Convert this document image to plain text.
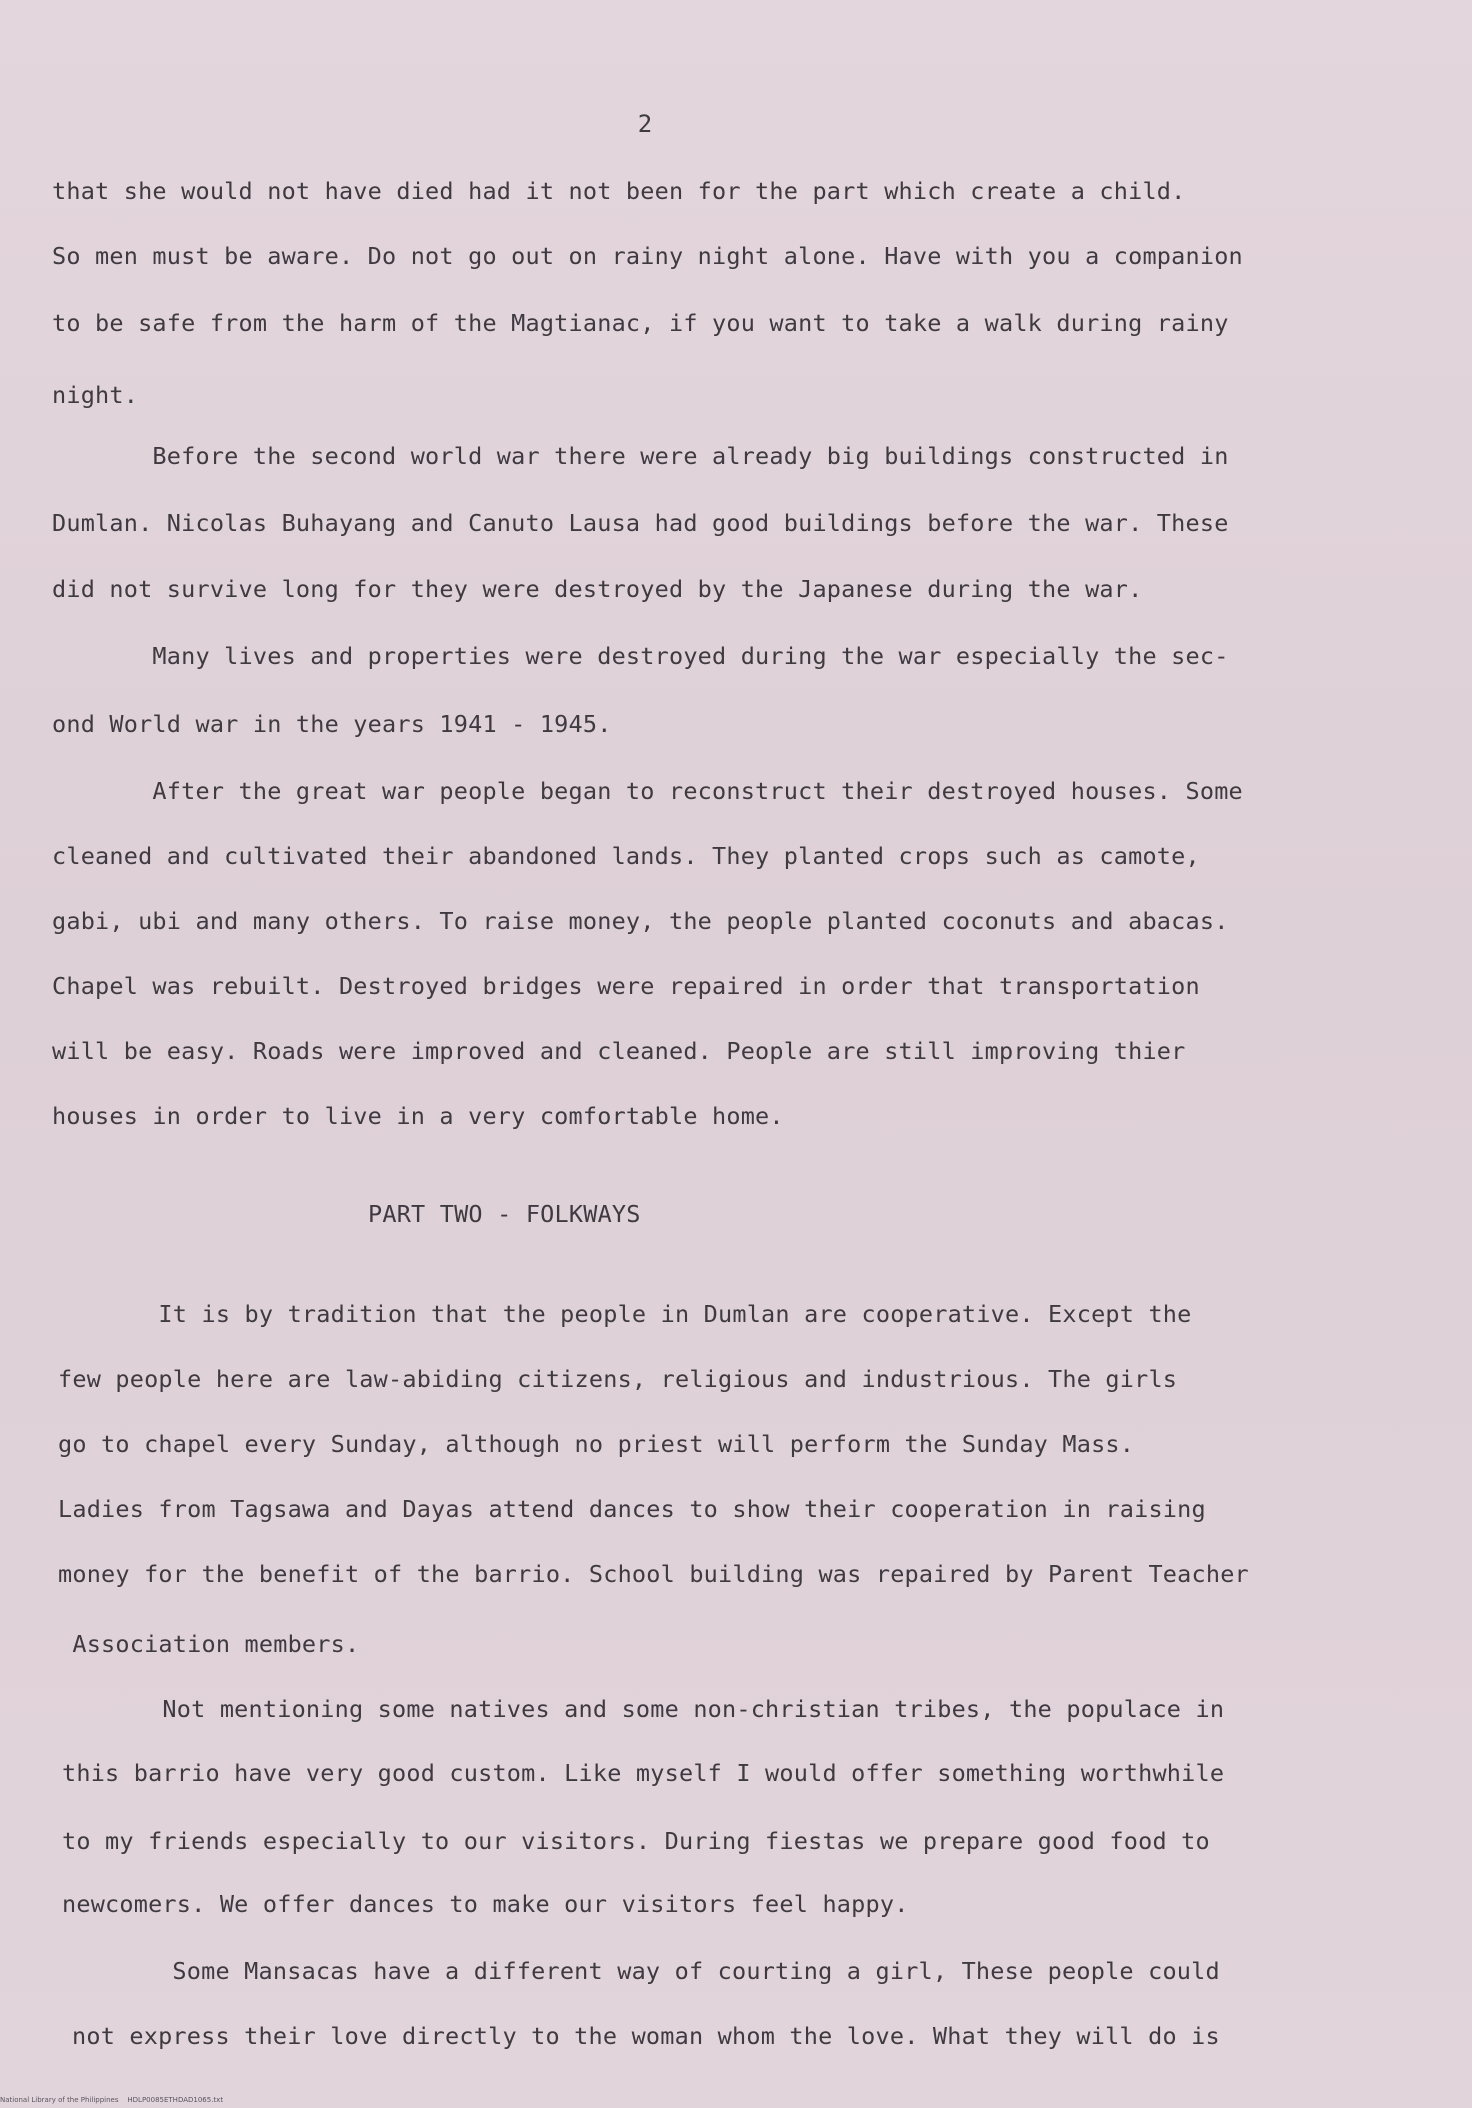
2
that she would not have died had it not been for the part which create a child.
So men must be aware. Do not go out on rainy night alone. Have with you a companion
to be safe from the harm of the Magtianac, if you want to take a walk during rainy
night.
Before the second world war there were already big buildings constructed in
Dumlan. Nicolas Buhayang and Canuto Lausa had good buildings before the war. These
did not survive long for they were destroyed by the Japanese during the war.
Many lives and properties were destroyed during the war especially the sec-
ond World war in the years 1941 - 1945.
After the great war people began to reconstruct their destroyed houses. Some
cleaned and cultivated their abandoned lands. They planted crops such as camote,
gabi, ubi and many others. To raise money, the people planted coconuts and abacas.
Chapel was rebuilt. Destroyed bridges were repaired in order that transportation
will be easy. Roads were improved and cleaned. People are still improving thier
houses in order to live in a very comfortable home.
PART TWO - FOLKWAYS
It is by tradition that the people in Dumlan are cooperative. Except the
few people here are law-abiding citizens, religious and industrious. The girls
go to chapel every Sunday, although no priest will perform the Sunday Mass.
Ladies from Tagsawa and Dayas attend dances to show their cooperation in raising
money for the benefit of the barrio. School building was repaired by Parent Teacher
Association members.
Not mentioning some natives and some non-christian tribes, the populace in
this barrio have very good custom. Like myself I would offer something worthwhile
to my friends especially to our visitors. During fiestas we prepare good food to
newcomers. We offer dances to make our visitors feel happy.
Some Mansacas have a different way of courting a girl, These people could
not express their love directly to the woman whom the love. What they will do is
National Library of the Philippines    HDLP0085ETHDAD1065.txt
